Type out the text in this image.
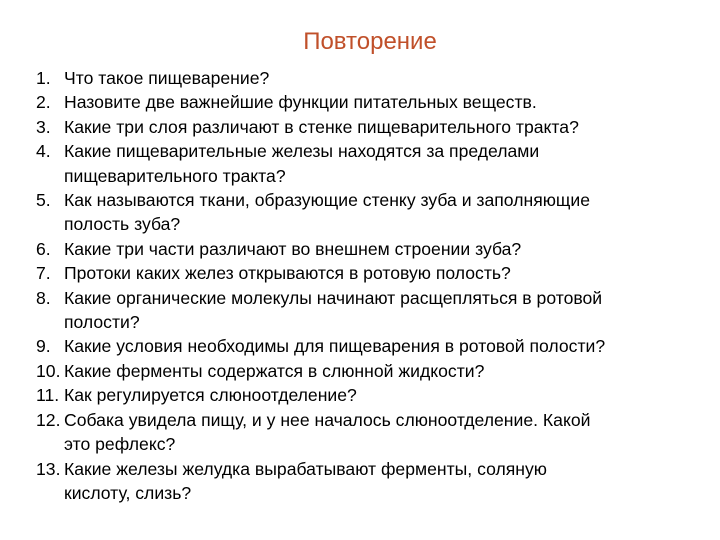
Повторение
1. Что такое пищеварение?
2. Назовите две важнейшие функции питательных веществ.
3. Какие три слоя различают в стенке пищеварительного тракта?
4. Какие пищеварительные железы находятся за пределами
пищеварительного тракта?
5. Как называются ткани, образующие стенку зуба и заполняющие
полость зуба?
6. Какие три части различают во внешнем строении зуба?
7. Протоки каких желез открываются в ротовую полость?
8. Какие органические молекулы начинают расщепляться в ротовой
полости?
9. Какие условия необходимы для пищеварения в ротовой полости?
10. Какие ферменты содержатся в слюнной жидкости?
11. Как регулируется слюноотделение?
12. Собака увидела пищу, и у нее началось слюноотделение. Какой
это рефлекс?
13. Какие железы желудка вырабатывают ферменты, соляную
кислоту, слизь?
